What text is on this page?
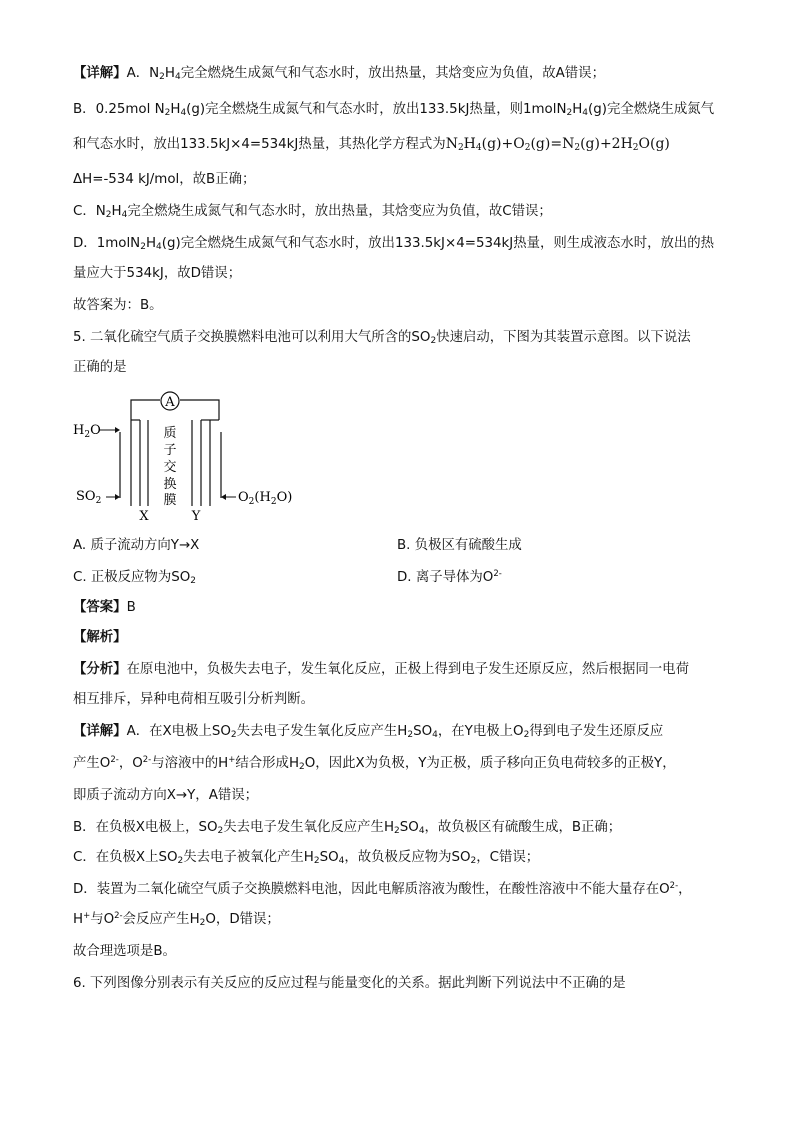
【详解】A．$N_2H_4$完全燃烧生成氮气和气态水时，放出热量，其焓变应为负值，故A错误；
B．0.25mol $N_2H_4(g)$完全燃烧生成氮气和气态水时，放出133.5kJ热量，则$1molN_2H_4(g)$完全燃烧生成氮气
和气态水时，放出133.5kJ×4=534kJ热量，其热化学方程式为$N_2H_4(g)+O_2(g)=N_2(g)+2H_2O(g)$
ΔH=-534 kJ/mol，故B正确；
C．$N_2H_4$完全燃烧生成氮气和气态水时，放出热量，其焓变应为负值，故C错误；
D．$1molN_2H_4(g)$完全燃烧生成氮气和气态水时，放出133.5kJ×4=534kJ热量，则生成液态水时，放出的热
量应大于534kJ，故D错误；
故答案为：B。
5. 二氧化硫空气质子交换膜燃料电池可以利用大气所含的$SO_2$快速启动，下图为其装置示意图。以下说法
正确的是
A
质
子
交
换
膜
$H_2O$
$SO_2$	$O_2(H_2O)$
X	Y
A. 质子流动方向Y→X	B. 负极区有硫酸生成
C. 正极反应物为$SO_2$	D. 离子导体为$O^{2-}$
【答案】B
【解析】
【分析】在原电池中，负极失去电子，发生氧化反应，正极上得到电子发生还原反应，然后根据同一电荷
相互排斥，异种电荷相互吸引分析判断。
【详解】A．在X电极上$SO_2$失去电子发生氧化反应产生$H_2SO_4$，在Y电极上$O_2$得到电子发生还原反应
产生$O^{2-}$，$O^{2-}$与溶液中的H+结合形成$H_2O$，因此X为负极，Y为正极，质子移向正负电荷较多的正极Y，
即质子流动方向X→Y，A错误；
B．在负极X电极上，$SO_2$失去电子发生氧化反应产生$H_2SO_4$，故负极区有硫酸生成，B正确；
C．在负极X上$SO_2$失去电子被氧化产生$H_2SO_4$，故负极反应物为$SO_2$，C错误；
D．装置为二氧化硫空气质子交换膜燃料电池，因此电解质溶液为酸性，在酸性溶液中不能大量存在$O^{2-}$，
H+与$O^{2-}$会反应产生$H_2O$，D错误；
故合理选项是B。
6. 下列图像分别表示有关反应的反应过程与能量变化的关系。据此判断下列说法中不正确的是
